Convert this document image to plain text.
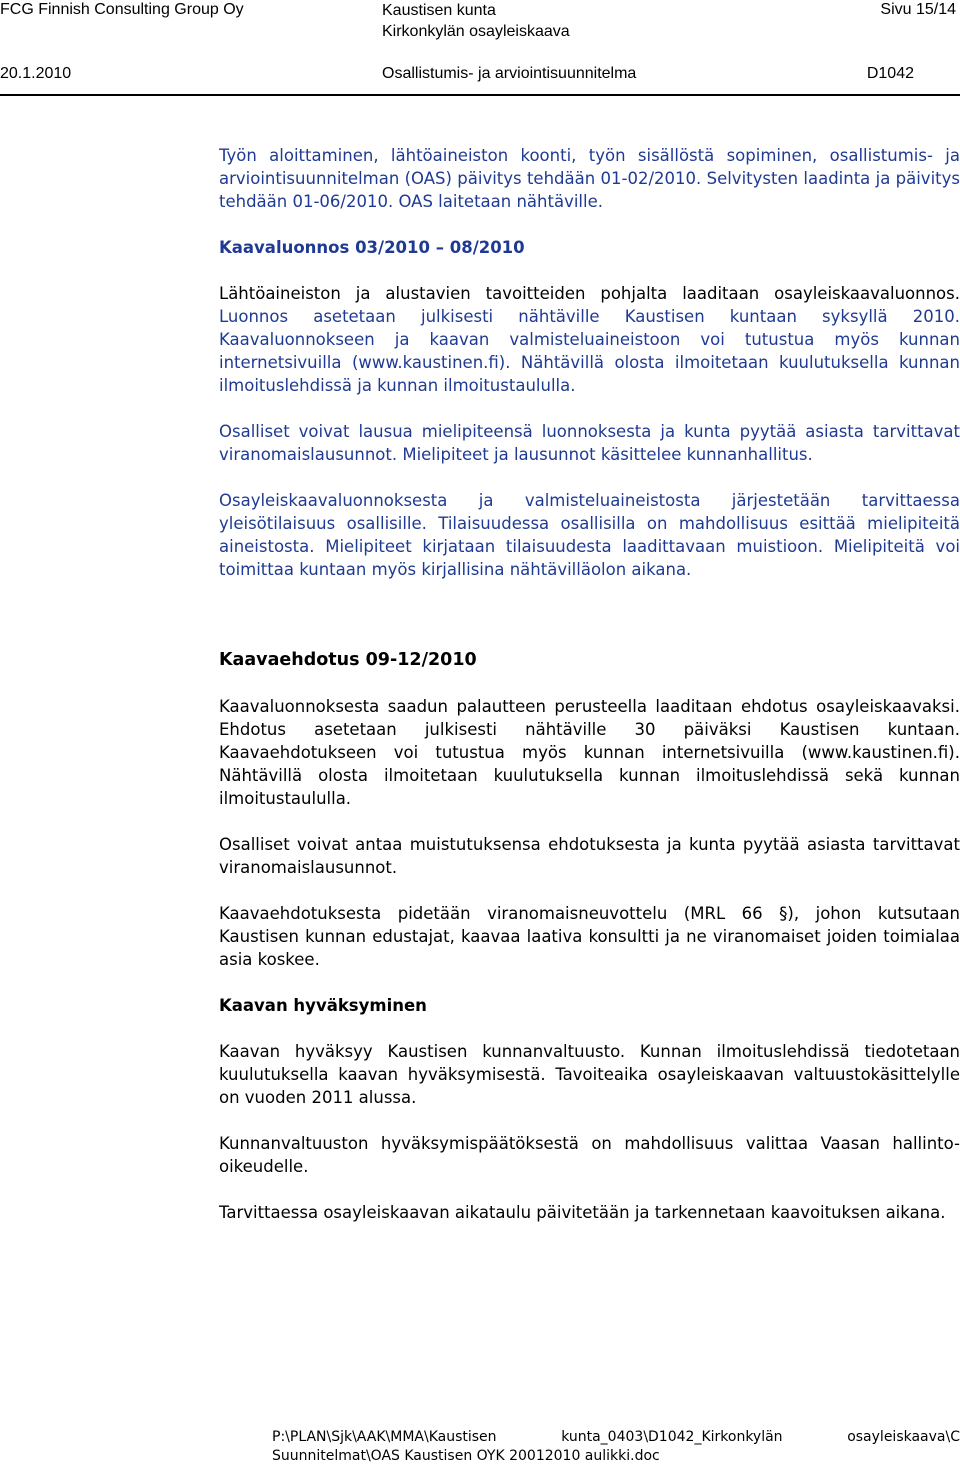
FCG Finnish Consulting Group Oy	Kaustisen kunta
Kirkonkylän osayleiskaava
Sivu 15/14
20.1.2010	Osallistumis- ja arviointisuunnitelma	D1042

Työn aloittaminen, lähtöaineiston koonti, työn sisällöstä sopiminen, osallistumis- ja arviointisuunnitelman (OAS) päivitys tehdään 01-02/2010. Selvitysten laadinta ja päivitys tehdään 01-06/2010. OAS laitetaan nähtäville.

Kaavaluonnos 03/2010 – 08/2010

Lähtöaineiston ja alustavien tavoitteiden pohjalta laaditaan osayleiskaavaluonnos. Luonnos asetetaan julkisesti nähtäville Kaustisen kuntaan syksyllä 2010. Kaavaluonnokseen ja kaavan valmisteluaineistoon voi tutustua myös kunnan internetsivuilla (www.kaustinen.fi). Nähtävillä olosta ilmoitetaan kuulutuksella kunnan ilmoituslehdissä ja kunnan ilmoitustaululla.

Osalliset voivat lausua mielipiteensä luonnoksesta ja kunta pyytää asiasta tarvittavat viranomaislausunnot. Mielipiteet ja lausunnot käsittelee kunnanhallitus.

Osayleiskaavaluonnoksesta ja valmisteluaineistosta järjestetään tarvittaessa yleisötilaisuus osallisille. Tilaisuudessa osallisilla on mahdollisuus esittää mielipiteitä aineistosta. Mielipiteet kirjataan tilaisuudesta laadittavaan muistioon. Mielipiteitä voi toimittaa kuntaan myös kirjallisina nähtävilläolon aikana.

Kaavaehdotus 09-12/2010

Kaavaluonnoksesta saadun palautteen perusteella laaditaan ehdotus osayleiskaavaksi. Ehdotus asetetaan julkisesti nähtäville 30 päiväksi Kaustisen kuntaan. Kaavaehdotukseen voi tutustua myös kunnan internetsivuilla (www.kaustinen.fi). Nähtävillä olosta ilmoitetaan kuulutuksella kunnan ilmoituslehdissä sekä kunnan ilmoitustaululla.

Osalliset voivat antaa muistutuksensa ehdotuksesta ja kunta pyytää asiasta tarvittavat viranomaislausunnot.

Kaavaehdotuksesta pidetään viranomaisneuvottelu (MRL 66 §), johon kutsutaan Kaustisen kunnan edustajat, kaavaa laativa konsultti ja ne viranomaiset joiden toimialaa asia koskee.

Kaavan hyväksyminen

Kaavan hyväksyy Kaustisen kunnanvaltuusto. Kunnan ilmoituslehdissä tiedotetaan kuulutuksella kaavan hyväksymisestä. Tavoiteaika osayleiskaavan valtuustokäsittelylle on vuoden 2011 alussa.

Kunnanvaltuuston hyväksymispäätöksestä on mahdollisuus valittaa Vaasan hallinto-oikeudelle.

Tarvittaessa osayleiskaavan aikataulu päivitetään ja tarkennetaan kaavoituksen aikana.

P:\PLAN\Sjk\AAK\MMA\Kaustisen kunta_0403\D1042_Kirkonkylän osayleiskaava\C
Suunnitelmat\OAS Kaustisen OYK 20012010 aulikki.doc
